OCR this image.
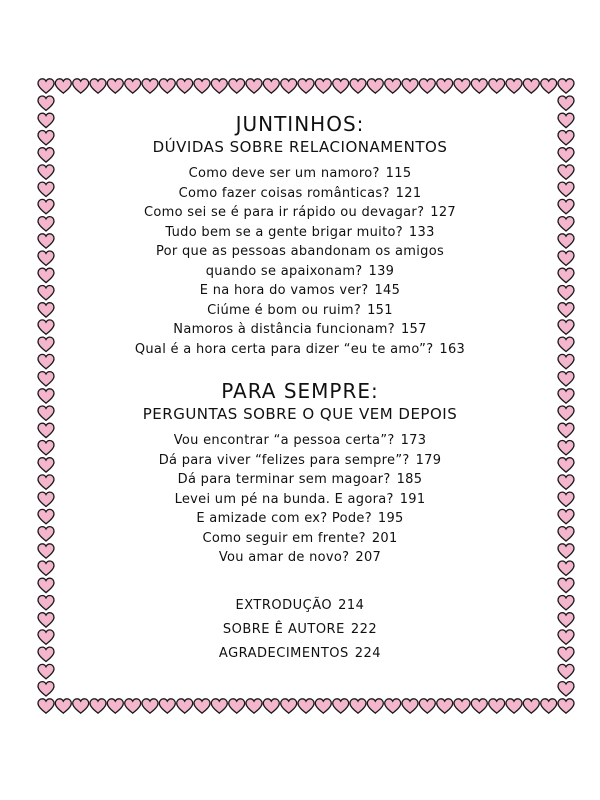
JUNTINHOS:
DÚVIDAS SOBRE RELACIONAMENTOS
Como deve ser um namoro? 115
Como fazer coisas românticas? 121
Como sei se é para ir rápido ou devagar? 127
Tudo bem se a gente brigar muito? 133
Por que as pessoas abandonam os amigos
quando se apaixonam? 139
E na hora do vamos ver? 145
Ciúme é bom ou ruim? 151
Namoros à distância funcionam? 157
Qual é a hora certa para dizer “eu te amo”? 163
PARA SEMPRE:
PERGUNTAS SOBRE O QUE VEM DEPOIS
Vou encontrar “a pessoa certa”? 173
Dá para viver “felizes para sempre”? 179
Dá para terminar sem magoar? 185
Levei um pé na bunda. E agora? 191
E amizade com ex? Pode? 195
Como seguir em frente? 201
Vou amar de novo? 207
EXTRODUÇÃO 214
SOBRE Ê AUTORE 222
AGRADECIMENTOS 224
